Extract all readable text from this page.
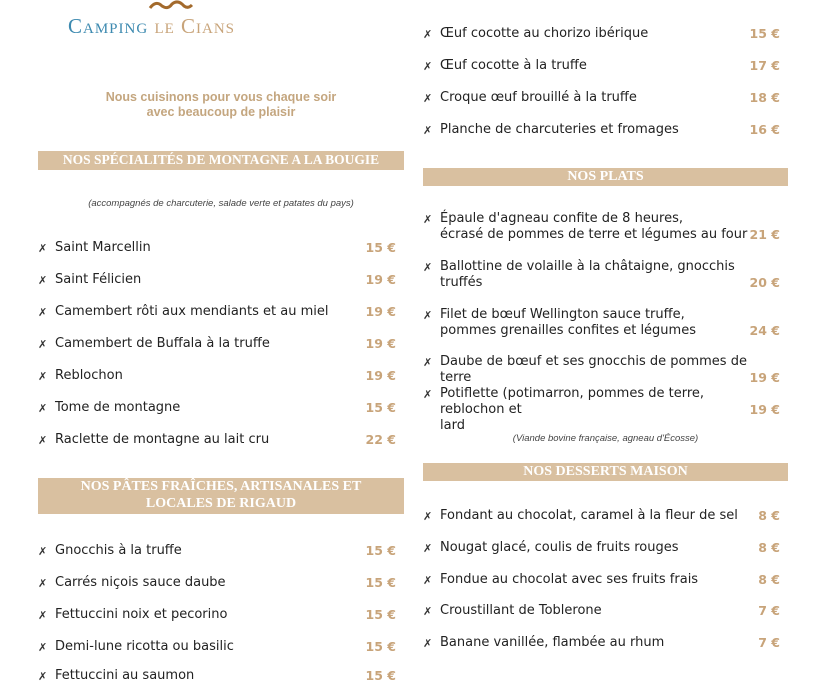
Camping le Cians
Nous cuisinons pour vous chaque soir avec beaucoup de plaisir
NOS SPÉCIALITÉS DE MONTAGNE A LA BOUGIE
(accompagnés de charcuterie, salade verte et patates du pays)
✗ Saint Marcellin	15 €
✗ Saint Félicien	19 €
✗ Camembert rôti aux mendiants et au miel	19 €
✗ Camembert de Buffala à la truffe	19 €
✗ Reblochon	19 €
✗ Tome de montagne	15 €
✗ Raclette de montagne au lait cru	22 €
NOS PÂTES FRAÎCHES, ARTISANALES ET LOCALES DE RIGAUD
✗ Gnocchis à la truffe	15 €
✗ Carrés niçois sauce daube	15 €
✗ Fettuccini noix et pecorino	15 €
✗ Demi-lune ricotta ou basilic	15 €
✗ Fettuccini au saumon	15 €
✗ Œuf cocotte au chorizo ibérique	15 €
✗ Œuf cocotte à la truffe	17 €
✗ Croque œuf brouillé à la truffe	18 €
✗ Planche de charcuteries et fromages	16 €
NOS PLATS
✗ Épaule d'agneau confite de 8 heures,
écrasé de pommes de terre et légumes au four 21 €
✗ Ballottine de volaille à la châtaigne, gnocchis truffés	20 €
✗ Filet de bœuf Wellington sauce truffe,
pommes grenailles confites et légumes	24 €
✗ Daube de bœuf et ses gnocchis de pommes de terre	19 €
✗ Potiflette (potimarron, pommes de terre, reblochon et
lard
19 €
(Viande bovine française, agneau d'Écosse)
NOS DESSERTS MAISON
✗ Fondant au chocolat, caramel à la fleur de sel	8 €
✗ Nougat glacé, coulis de fruits rouges	8 €
✗ Fondue au chocolat avec ses fruits frais	8 €
✗ Croustillant de Toblerone	7 €
✗ Banane vanillée, flambée au rhum	7 €
